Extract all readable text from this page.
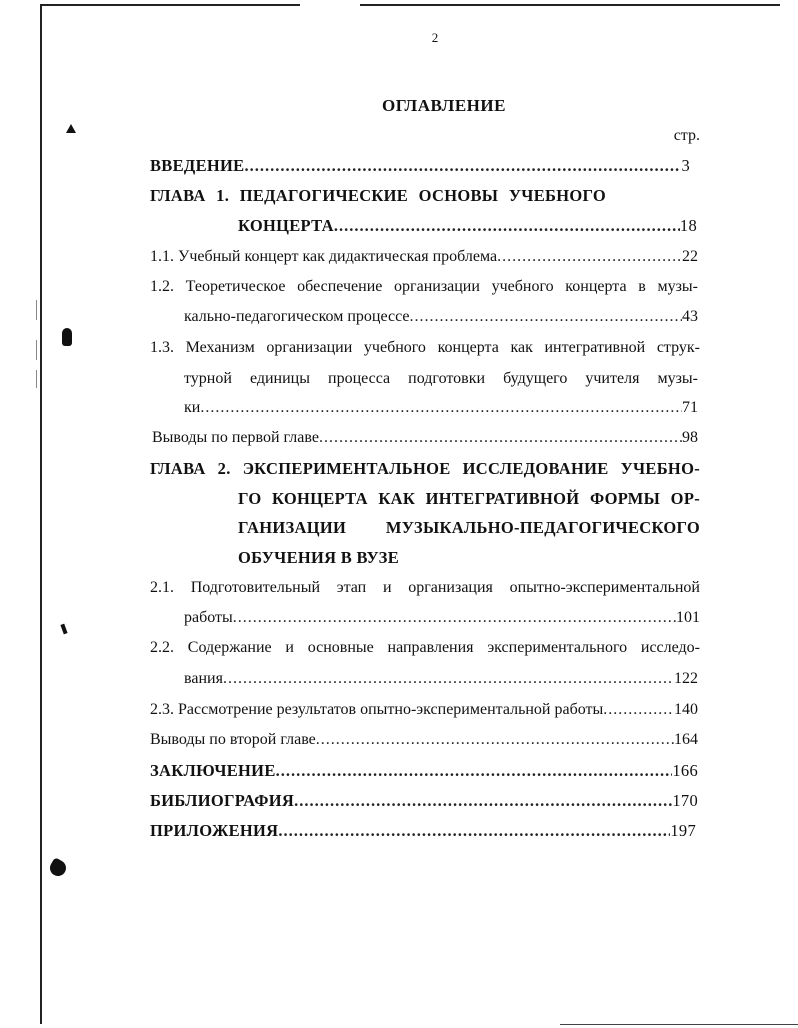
2
ОГЛАВЛЕНИЕ
стр.
ВВЕДЕНИЕ .....	3
ГЛАВА 1. ПЕДАГОГИЧЕСКИЕ ОСНОВЫ УЧЕБНОГО
КОНЦЕРТА .....	18
1.1. Учебный концерт как дидактическая проблема .....	22
1.2. Теоретическое обеспечение организации учебного концерта в музы-
кально-педагогическом процессе .....	43
1.3. Механизм организации учебного концерта как интегративной струк-
турной единицы процесса подготовки будущего учителя музы-
ки .....	71
Выводы по первой главе .....	98
ГЛАВА 2. ЭКСПЕРИМЕНТАЛЬНОЕ ИССЛЕДОВАНИЕ УЧЕБНО-
ГО КОНЦЕРТА КАК ИНТЕГРАТИВНОЙ ФОРМЫ ОР-
ГАНИЗАЦИИ МУЗЫКАЛЬНО-ПЕДАГОГИЧЕСКОГО
ОБУЧЕНИЯ В ВУЗЕ
2.1. Подготовительный этап и организация опытно-экспериментальной
работы .....	101
2.2. Содержание и основные направления экспериментального исследо-
вания .....	122
2.3. Рассмотрение результатов опытно-экспериментальной работы .....	140
Выводы по второй главе .....	164
ЗАКЛЮЧЕНИЕ .....	166
БИБЛИОГРАФИЯ .....	170
ПРИЛОЖЕНИЯ .....	197
